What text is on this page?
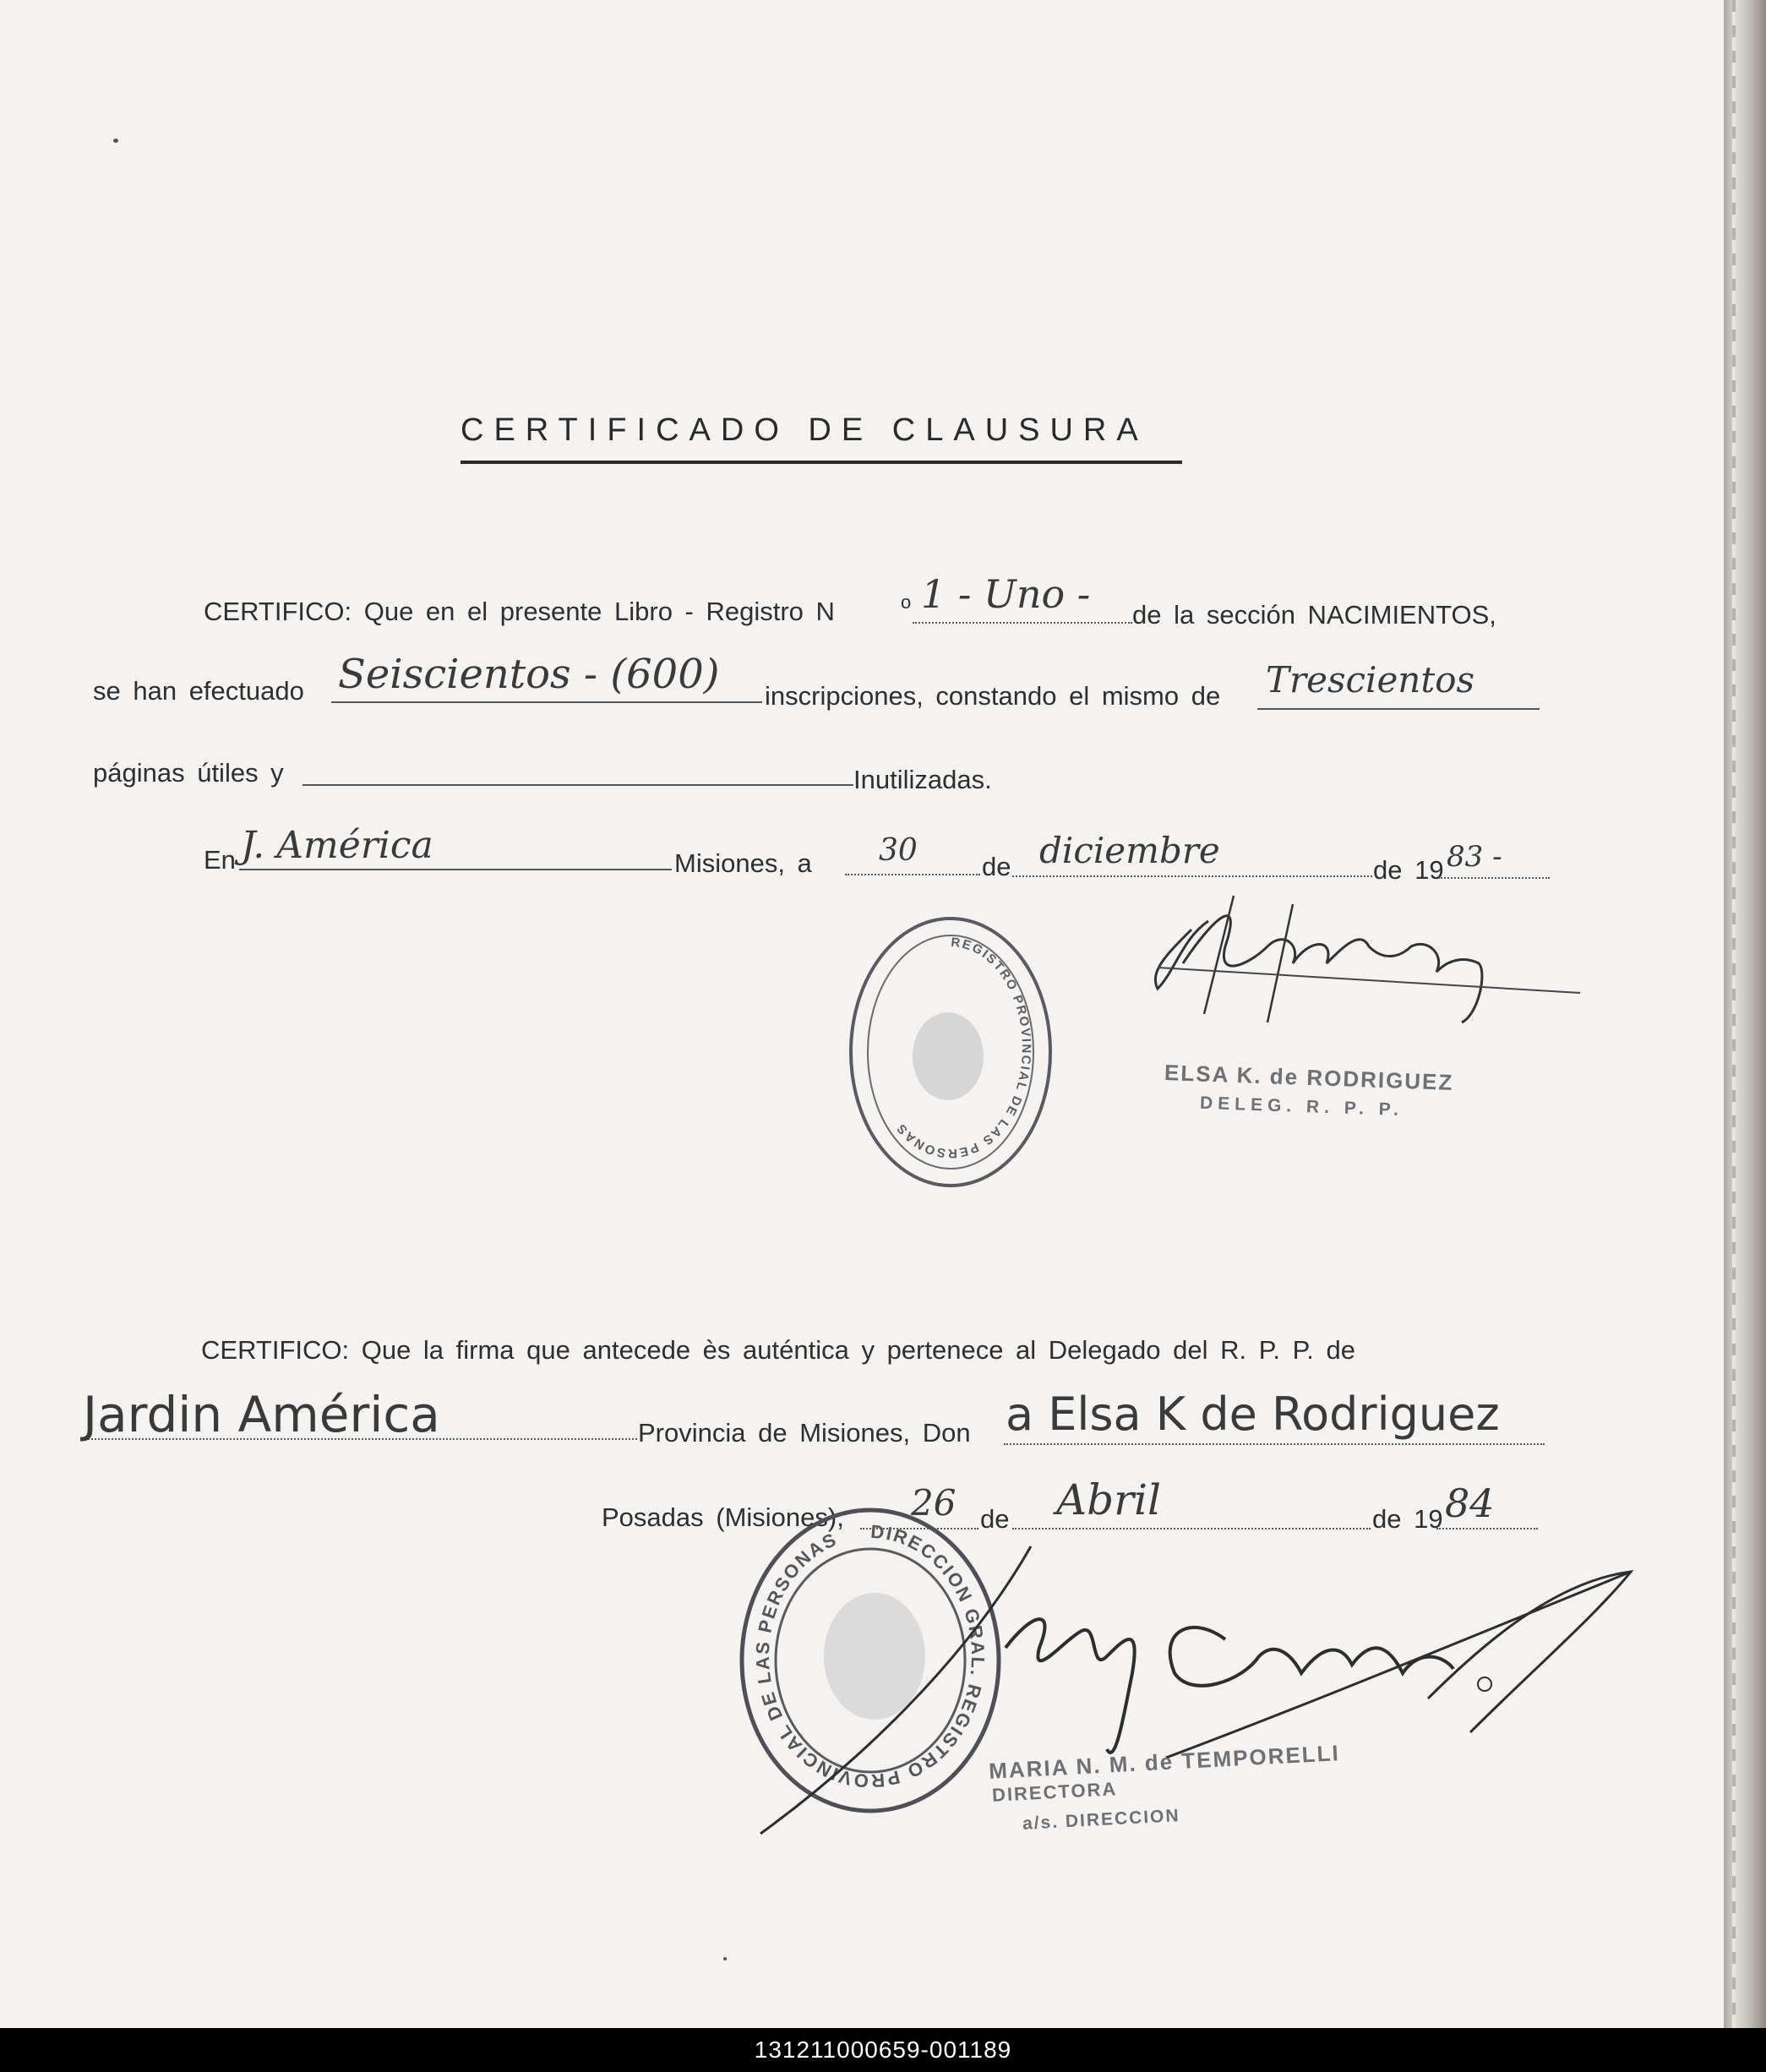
CERTIFICADO DE CLAUSURA
CERTIFICO: Que en el presente Libro - Registro N	o 1 - Uno - de la sección NACIMIENTOS,
se han efectuado Seiscientos - (600) inscripciones, constando el mismo de Trescientos
páginas útiles y	Inutilizadas.
En J. América	Misiones, a 30 de diciembre	de 19 83 -
REGISTRO PROVINCIAL DE LAS PERSONAS
ELSA K. de RODRIGUEZ
DELEG. R. P. P.
CERTIFICO: Que la firma que antecede ès auténtica y pertenece al Delegado del R. P. P. de
Jardin América	Provincia de Misiones, Don a Elsa K de Rodriguez
Posadas (Misiones), 26 de Abril	de 19 84
DIRECCION GRAL. REGISTRO PROVINCIAL DE LAS PERSONAS
MARIA N. M. de TEMPORELLI
DIRECTORA
a/s. DIRECCION
131211000659-001189
